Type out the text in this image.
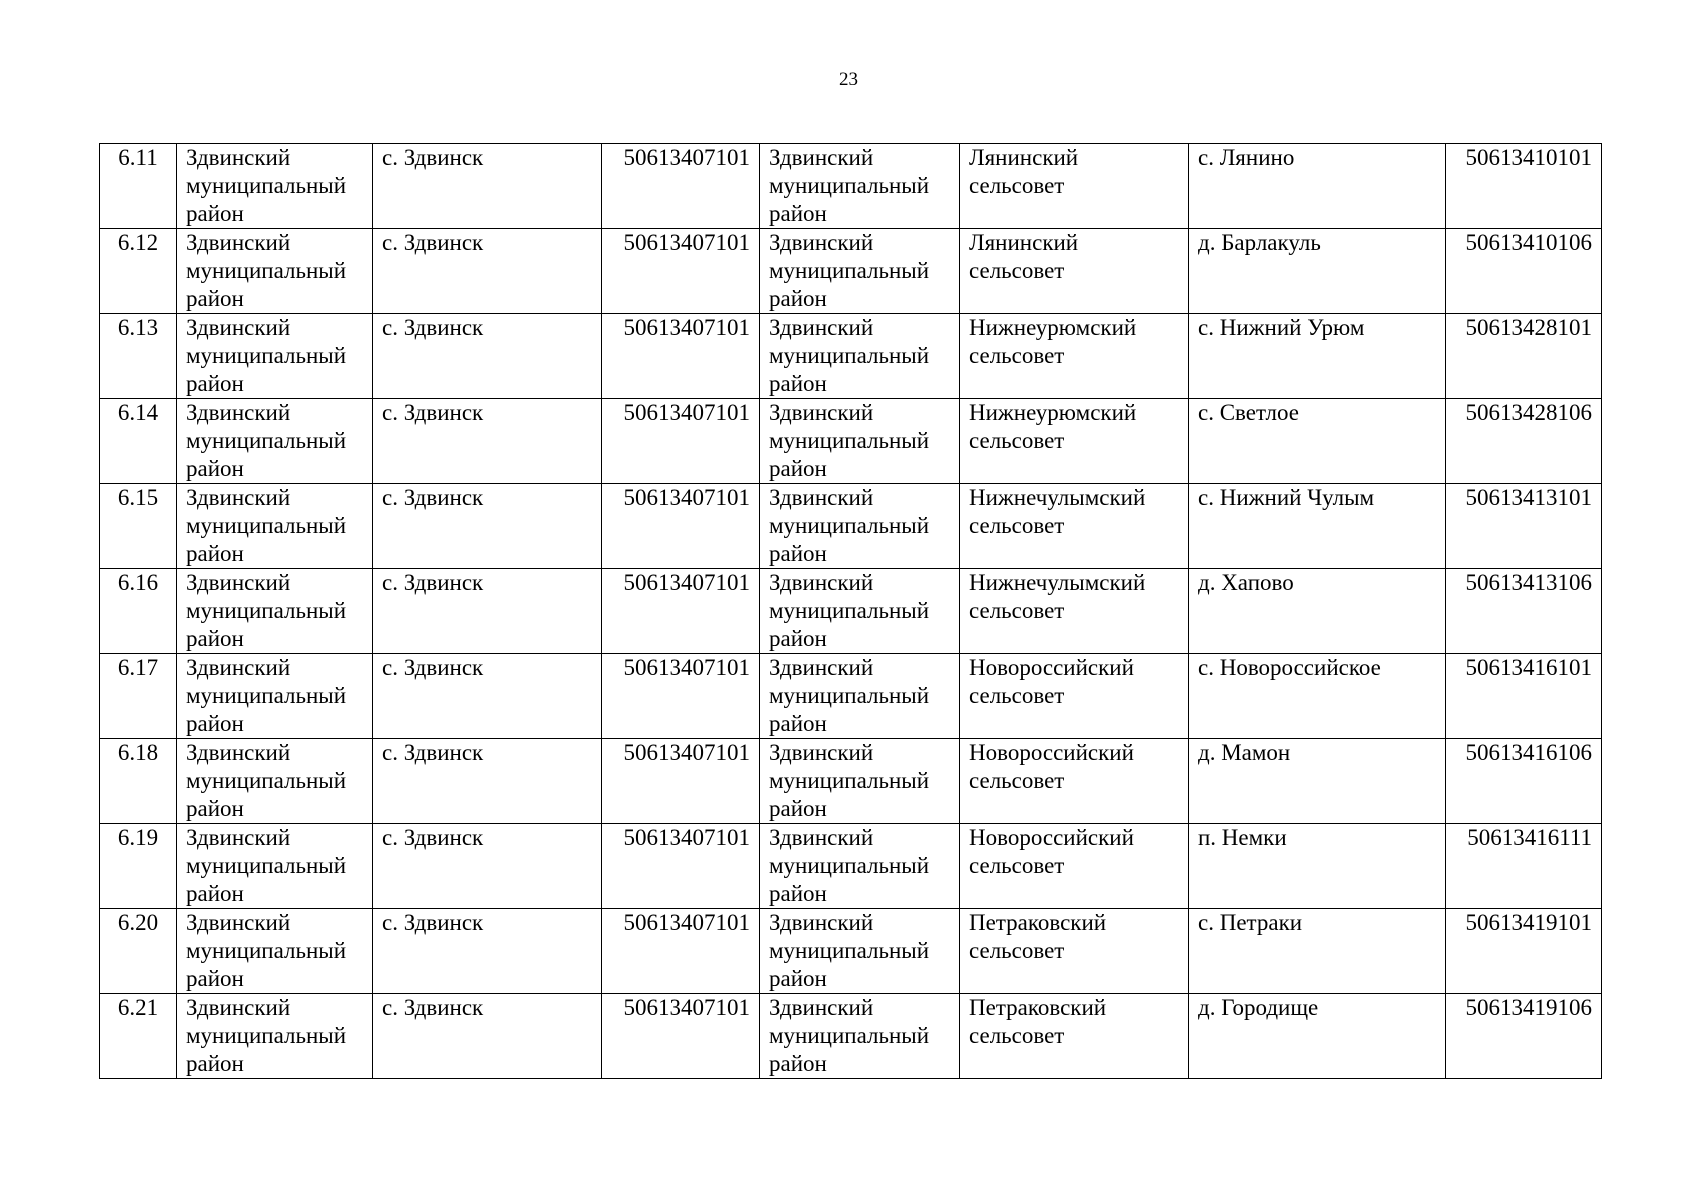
23
6.11	Здвинский
муниципальный
район	с. Здвинск	50613407101	Здвинский
муниципальный
район	Лянинский
сельсовет	с. Лянино	50613410101
6.12	Здвинский
муниципальный
район	с. Здвинск	50613407101	Здвинский
муниципальный
район	Лянинский
сельсовет	д. Барлакуль	50613410106
6.13	Здвинский
муниципальный
район	с. Здвинск	50613407101	Здвинский
муниципальный
район	Нижнеурюмский
сельсовет	с. Нижний Урюм	50613428101
6.14	Здвинский
муниципальный
район	с. Здвинск	50613407101	Здвинский
муниципальный
район	Нижнеурюмский
сельсовет	с. Светлое	50613428106
6.15	Здвинский
муниципальный
район	с. Здвинск	50613407101	Здвинский
муниципальный
район	Нижнечулымский
сельсовет	с. Нижний Чулым	50613413101
6.16	Здвинский
муниципальный
район	с. Здвинск	50613407101	Здвинский
муниципальный
район	Нижнечулымский
сельсовет	д. Хапово	50613413106
6.17	Здвинский
муниципальный
район	с. Здвинск	50613407101	Здвинский
муниципальный
район	Новороссийский
сельсовет	с. Новороссийское	50613416101
6.18	Здвинский
муниципальный
район	с. Здвинск	50613407101	Здвинский
муниципальный
район	Новороссийский
сельсовет	д. Мамон	50613416106
6.19	Здвинский
муниципальный
район	с. Здвинск	50613407101	Здвинский
муниципальный
район	Новороссийский
сельсовет	п. Немки	50613416111
6.20	Здвинский
муниципальный
район	с. Здвинск	50613407101	Здвинский
муниципальный
район	Петраковский
сельсовет	с. Петраки	50613419101
6.21	Здвинский
муниципальный
район	с. Здвинск	50613407101	Здвинский
муниципальный
район	Петраковский
сельсовет	д. Городище	50613419106
